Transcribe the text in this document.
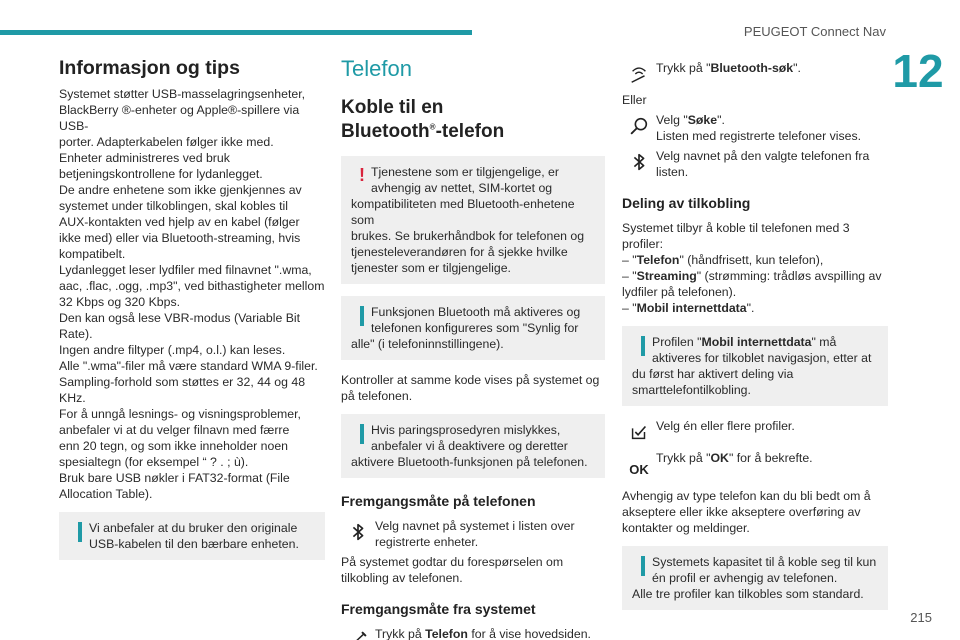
PEUGEOT Connect Nav
12
215
Informasjon og tips
Systemet støtter USB-masselagringsenheter,
BlackBerry ®-enheter og Apple®-spillere via USB-
porter. Adapterkabelen følger ikke med.
Enheter administreres ved bruk
betjeningskontrollene for lydanlegget.
De andre enhetene som ikke gjenkjennes av
systemet under tilkoblingen, skal kobles til
AUX-kontakten ved hjelp av en kabel (følger
ikke med) eller via Bluetooth-streaming, hvis
kompatibelt.
Lydanlegget leser lydfiler med filnavnet ".wma,
aac, .flac, .ogg, .mp3", ved bithastigheter mellom
32 Kbps og 320 Kbps.
Den kan også lese VBR-modus (Variable Bit
Rate).
Ingen andre filtyper (.mp4, o.l.) kan leses.
Alle ".wma"-filer må være standard WMA 9-filer.
Sampling-forhold som støttes er 32, 44 og 48
KHz.
For å unngå lesnings- og visningsproblemer,
anbefaler vi at du velger filnavn med færre
enn 20 tegn, og som ikke inneholder noen
spesialtegn (for eksempel “ ? . ; ù).
Bruk bare USB nøkler i FAT32-format (File
Allocation Table).
Vi anbefaler at du bruker den originale
USB-kabelen til den bærbare enheten.
Telefon
Koble til en
Bluetooth®-telefon
! Tjenestene som er tilgjengelige, er
avhengig av nettet, SIM-kortet og
kompatibiliteten med Bluetooth-enhetene som
brukes. Se brukerhåndbok for telefonen og
tjenesteleverandøren for å sjekke hvilke
tjenester som er tilgjengelige.
Funksjonen Bluetooth må aktiveres og
telefonen konfigureres som "Synlig for
alle" (i telefoninnstillingene).
Kontroller at samme kode vises på systemet og
på telefonen.
Hvis paringsprosedyren mislykkes,
anbefaler vi å deaktivere og deretter
aktivere Bluetooth-funksjonen på telefonen.
Fremgangsmåte på telefonen
Velg navnet på systemet i listen over
registrerte enheter.
På systemet godtar du forespørselen om
tilkobling av telefonen.
Fremgangsmåte fra systemet
Trykk på Telefon for å vise hovedsiden.
Trykk på "Bluetooth-søk".
Eller
Velg "Søke".
Listen med registrerte telefoner vises.
Velg navnet på den valgte telefonen fra
listen.
Deling av tilkobling
Systemet tilbyr å koble til telefonen med 3
profiler:
– "Telefon" (håndfrisett, kun telefon),
– "Streaming" (strømming: trådløs avspilling av
lydfiler på telefonen).
– "Mobil internettdata".
Profilen "Mobil internettdata" må
aktiveres for tilkoblet navigasjon, etter at
du først har aktivert deling via
smarttelefontilkobling.
Velg én eller flere profiler.
OK
Trykk på "OK" for å bekrefte.
Avhengig av type telefon kan du bli bedt om å
akseptere eller ikke akseptere overføring av
kontakter og meldinger.
Systemets kapasitet til å koble seg til kun
én profil er avhengig av telefonen.
Alle tre profiler kan tilkobles som standard.
